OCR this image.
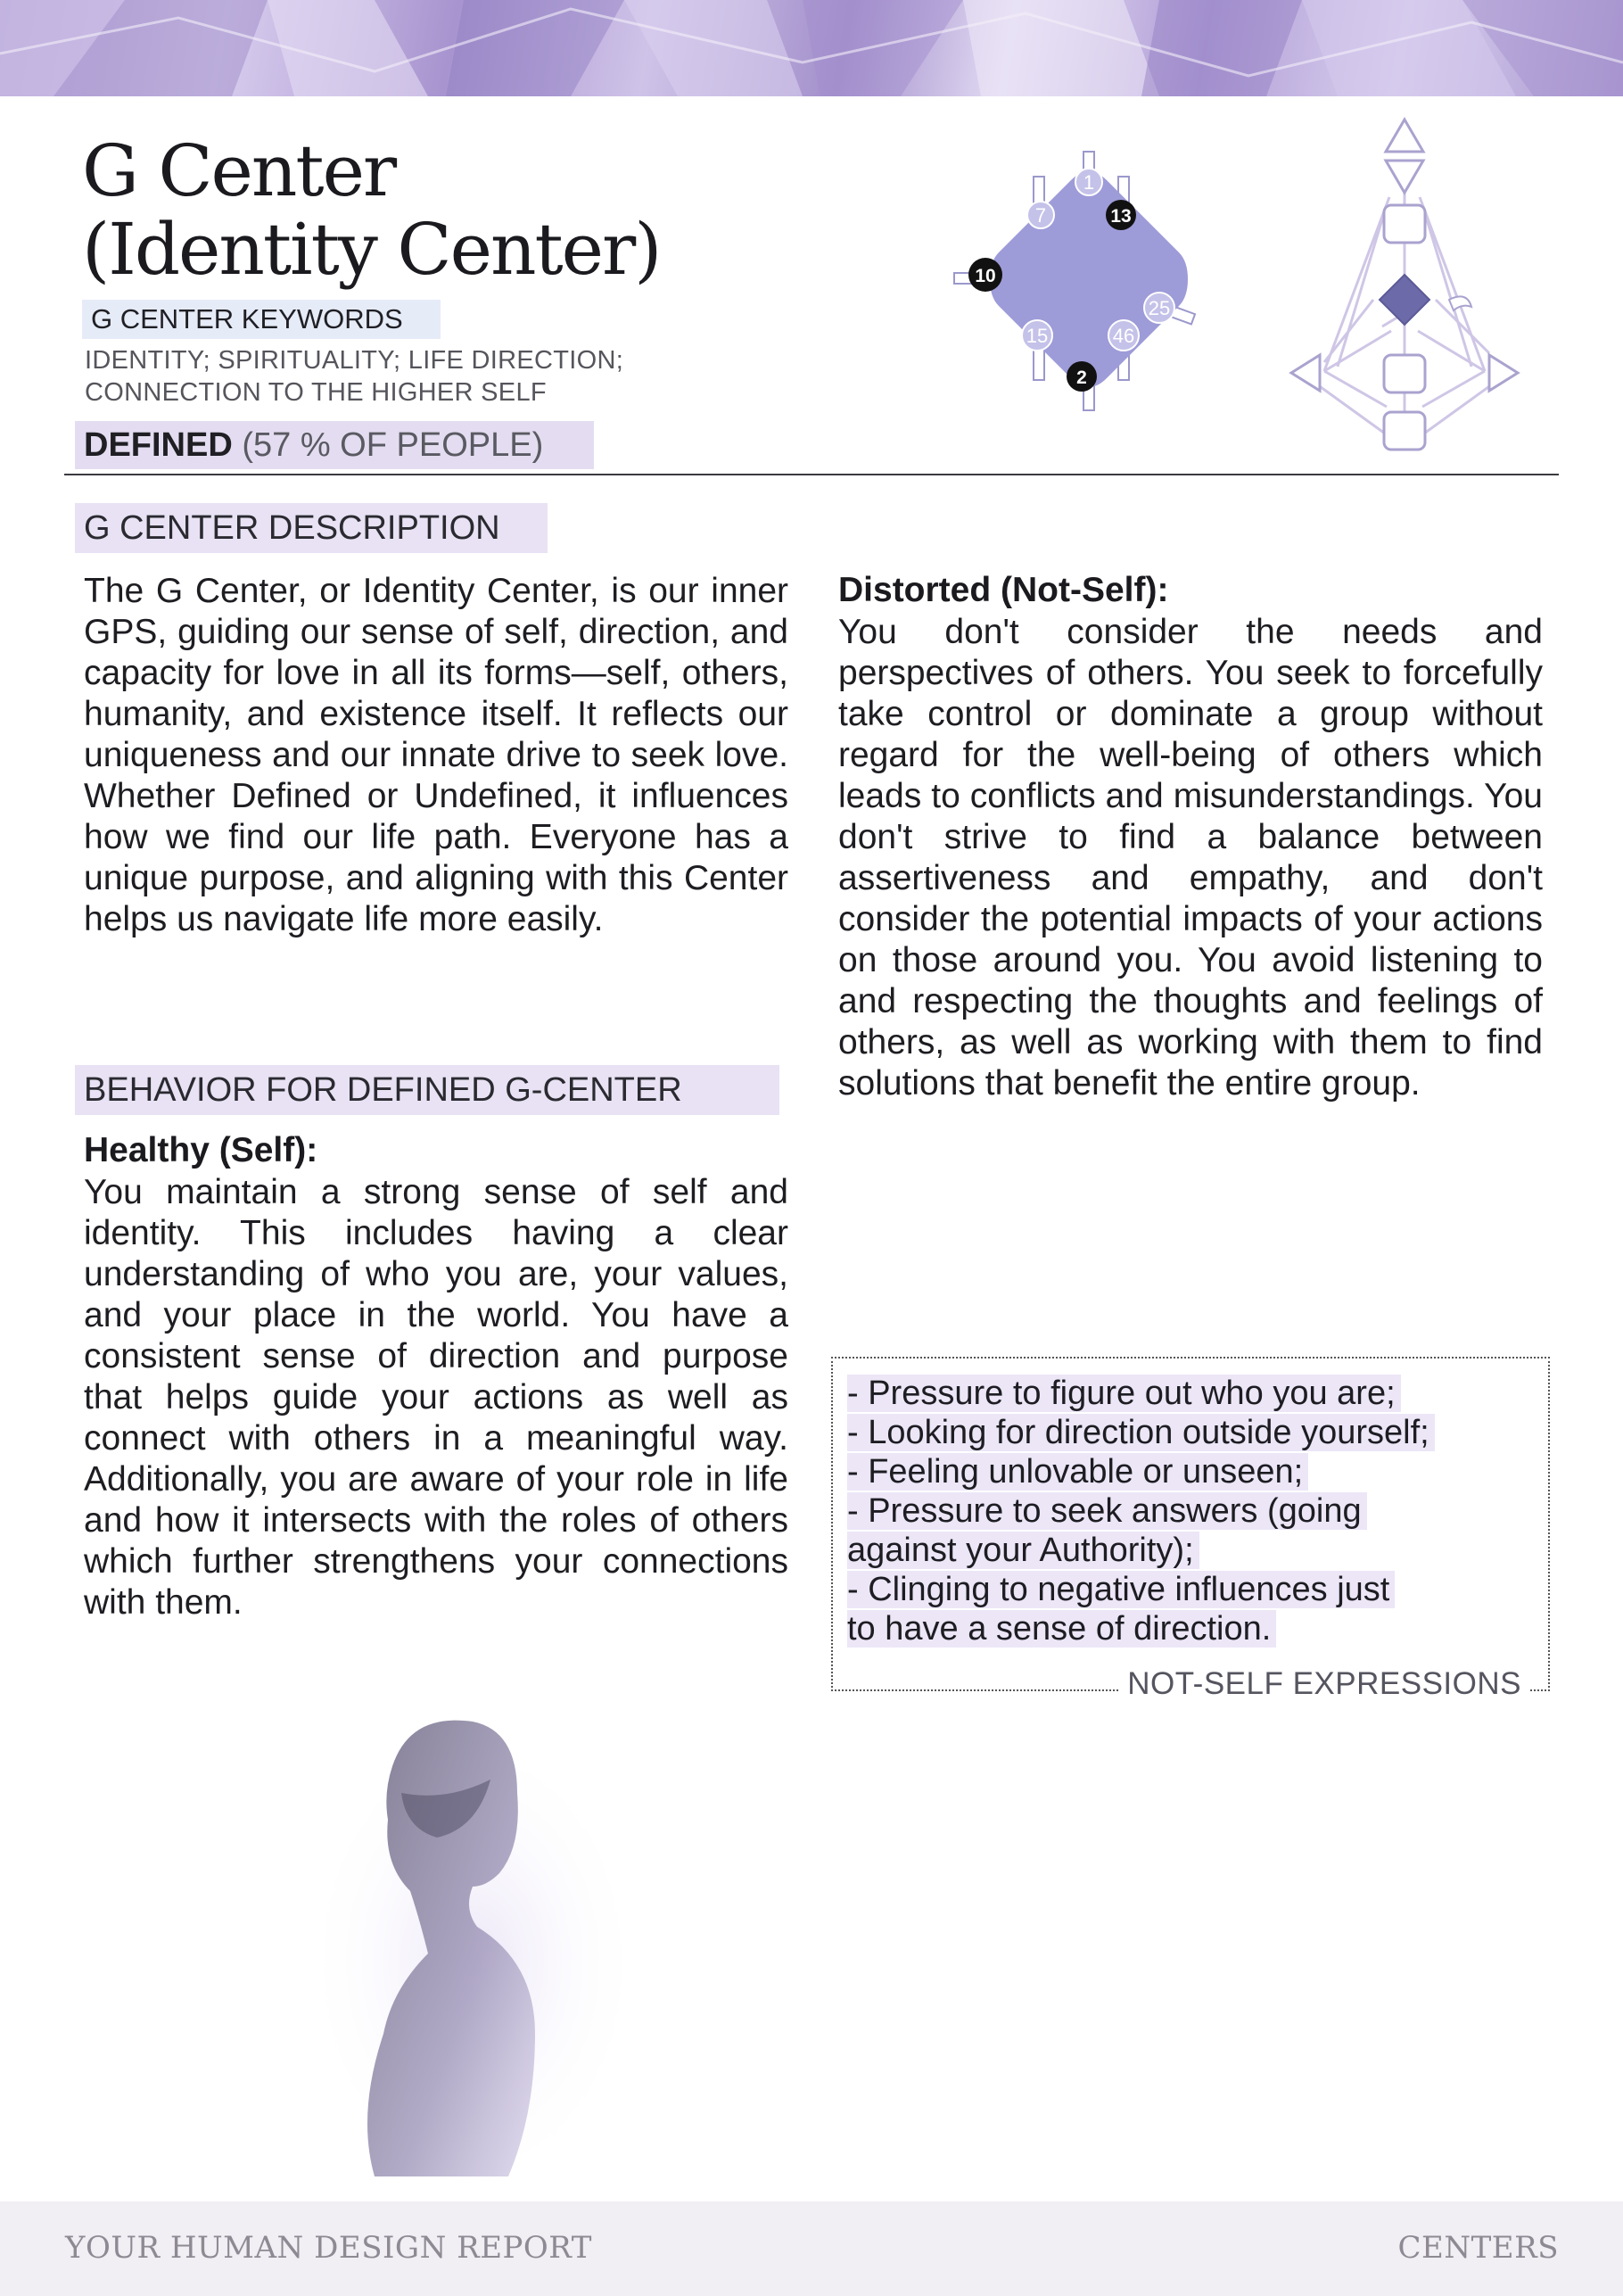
G Center
(Identity Center)
G CENTER KEYWORDS
IDENTITY; SPIRITUALITY; LIFE DIRECTION;
CONNECTION TO THE HIGHER SELF
DEFINED (57 % OF PEOPLE)
1
7	13
10
15	46
25
2
G CENTER DESCRIPTION
The G Center, or Identity Center, is our inner GPS, guiding our sense of self, direction, and capacity for love in all its forms—self, others, humanity, and existence itself. It reflects our uniqueness and our innate drive to seek love. Whether Defined or Undefined, it influences how we find our life path. Everyone has a unique purpose, and aligning with this Center helps us navigate life more easily.
BEHAVIOR FOR DEFINED G-CENTER
Healthy (Self):
You maintain a strong sense of self and identity. This includes having a clear understanding of who you are, your values, and your place in the world. You have a consistent sense of direction and purpose that helps guide your actions as well as connect with others in a meaningful way. Additionally, you are aware of your role in life and how it intersects with the roles of others which further strengthens your connections with them.
Distorted (Not-Self):
You don't consider the needs and perspectives of others. You seek to forcefully take control or dominate a group without regard for the well-being of others which leads to conflicts and misunderstandings. You don't strive to find a balance between assertiveness and empathy, and don't consider the potential impacts of your actions on those around you. You avoid listening to and respecting the thoughts and feelings of others, as well as working with them to find solutions that benefit the entire group.
- Pressure to figure out who you are;
- Looking for direction outside yourself;
- Feeling unlovable or unseen;
- Pressure to seek answers (going
against your Authority);
- Clinging to negative influences just
to have a sense of direction.
NOT-SELF EXPRESSIONS
YOUR HUMAN DESIGN REPORT	CENTERS
